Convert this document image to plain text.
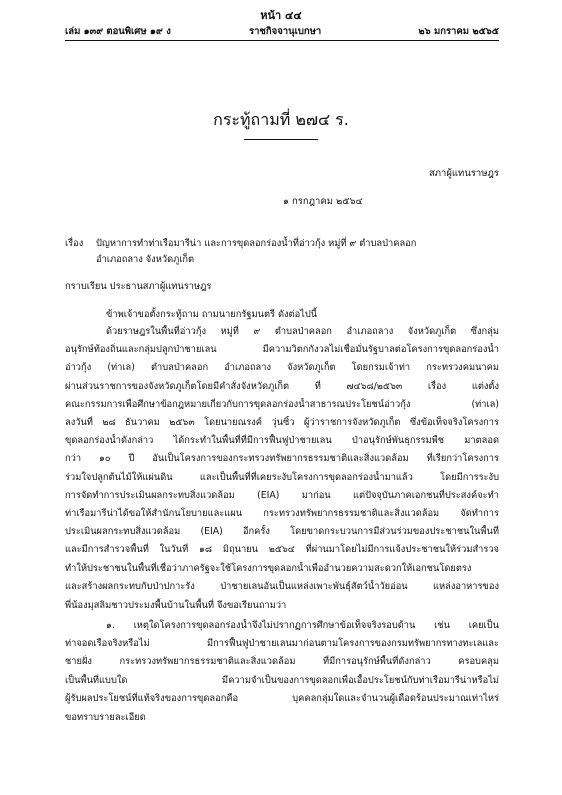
หน้า ๔๔
เล่ม ๑๓๙ ตอนพิเศษ ๑๙ ง	ราชกิจจานุเบกษา	๒๖ มกราคม ๒๕๖๕
กระทู้ถามที่ ๒๗๔ ร.
สภาผู้แทนราษฎร
๑ กรกฎาคม ๒๕๖๔
เรื่อง ปัญหาการทำท่าเรือมารีน่า และการขุดลอกร่องน้ำที่อ่าวกุ้ง หมู่ที่ ๙ ตำบลป่าคลอก
อำเภอถลาง จังหวัดภูเก็ต
กราบเรียน ประธานสภาผู้แทนราษฎร
ข้าพเจ้าขอตั้งกระทู้ถาม ถามนายกรัฐมนตรี ดังต่อไปนี้
ด้วยราษฎรในพื้นที่อ่าวกุ้ง หมู่ที่ ๙ ตำบลป่าคลอก อำเภอถลาง จังหวัดภูเก็ต ซึ่งกลุ่ม
อนุรักษ์ท้องถิ่นและกลุ่มปลูกป่าชายเลน มีความวิตกกังวลไม่เชื่อมั่นรัฐบาลต่อโครงการขุดลอกร่องน้ำ
อ่าวกุ้ง (ท่าเล) ตำบลป่าคลอก อำเภอถลาง จังหวัดภูเก็ต โดยกรมเจ้าท่า กระทรวงคมนาคม
ผ่านส่วนราชการของจังหวัดภูเก็ตโดยมีคำสั่งจังหวัดภูเก็ต ที่ ๗๔๖๘/๒๕๖๓ เรื่อง แต่งตั้ง
คณะกรรมการเพื่อศึกษาข้อกฎหมายเกี่ยวกับการขุดลอกร่องน้ำสาธารณประโยชน์อ่าวกุ้ง (ท่าเล)
ลงวันที่ ๒๘ ธันวาคม ๒๕๖๓ โดยนายณรงค์ วุ่นซิ้ว ผู้ว่าราชการจังหวัดภูเก็ต ซึ่งข้อเท็จจริงโครงการ
ขุดลอกร่องน้ำดังกล่าว ได้กระทำในพื้นที่ที่มีการฟื้นฟูป่าชายเลน ป่าอนุรักษ์พันธุกรรมพืช มาตลอด
กว่า ๑๐ ปี อันเป็นโครงการของกระทรวงทรัพยากรธรรมชาติและสิ่งแวดล้อม ที่เรียกว่าโครงการ
ร่วมใจปลูกต้นไม้ให้แผ่นดิน และเป็นพื้นที่ที่เคยระงับโครงการขุดลอกร่องน้ำมาแล้ว โดยมีการระงับ
การจัดทำการประเมินผลกระทบสิ่งแวดล้อม (EIA) มาก่อน แต่ปัจจุบันภาคเอกชนที่ประสงค์จะทำ
ท่าเรือมารีน่าได้ขอให้สำนักนโยบายและแผน กระทรวงทรัพยากรธรรมชาติและสิ่งแวดล้อม จัดทำการ
ประเมินผลกระทบสิ่งแวดล้อม (EIA) อีกครั้ง โดยขาดกระบวนการมีส่วนร่วมของประชาชนในพื้นที่
และมีการสำรวจพื้นที่ ในวันที่ ๑๘ มิถุนายน ๒๕๖๔ ที่ผ่านมาโดยไม่มีการแจ้งประชาชนให้ร่วมสำรวจ
ทำให้ประชาชนในพื้นที่เชื่อว่าภาครัฐจะใช้โครงการขุดลอกน้ำเพื่ออำนวยความสะดวกให้เอกชนโดยตรง
และสร้างผลกระทบกับป่าปกาะรัง ป่าชายเลนอันเป็นแหล่งเพาะพันธุ์สัตว์น้ำวัยอ่อน แหล่งอาหารของ
พี่น้องมุสลิมชาวประมงพื้นบ้านในพื้นที่ จึงขอเรียนถามว่า
๑. เหตุใดโครงการขุดลอกร่องน้ำจึงไม่ปรากฏการศึกษาข้อเท็จจริงรอบด้าน เช่น เคยเป็น
ท่าจอดเรือจริงหรือไม่ มีการฟื้นฟูป่าชายเลนมาก่อนตามโครงการของกรมทรัพยากรทางทะเลและ
ชายฝั่ง กระทรวงทรัพยากรธรรมชาติและสิ่งแวดล้อม ที่มีการอนุรักษ์พื้นที่ดังกล่าว ครอบคลุม
เป็นพื้นที่แบบใด มีความจำเป็นของการขุดลอกเพื่อเอื้อประโยชน์กับท่าเรือมารีน่าหรือไม่
ผู้รับผลประโยชน์ที่แท้จริงของการขุดลอกคือ บุคคลกลุ่มใดและจำนวนผู้เดือดร้อนประมาณเท่าไหร่
ขอทราบรายละเอียด
